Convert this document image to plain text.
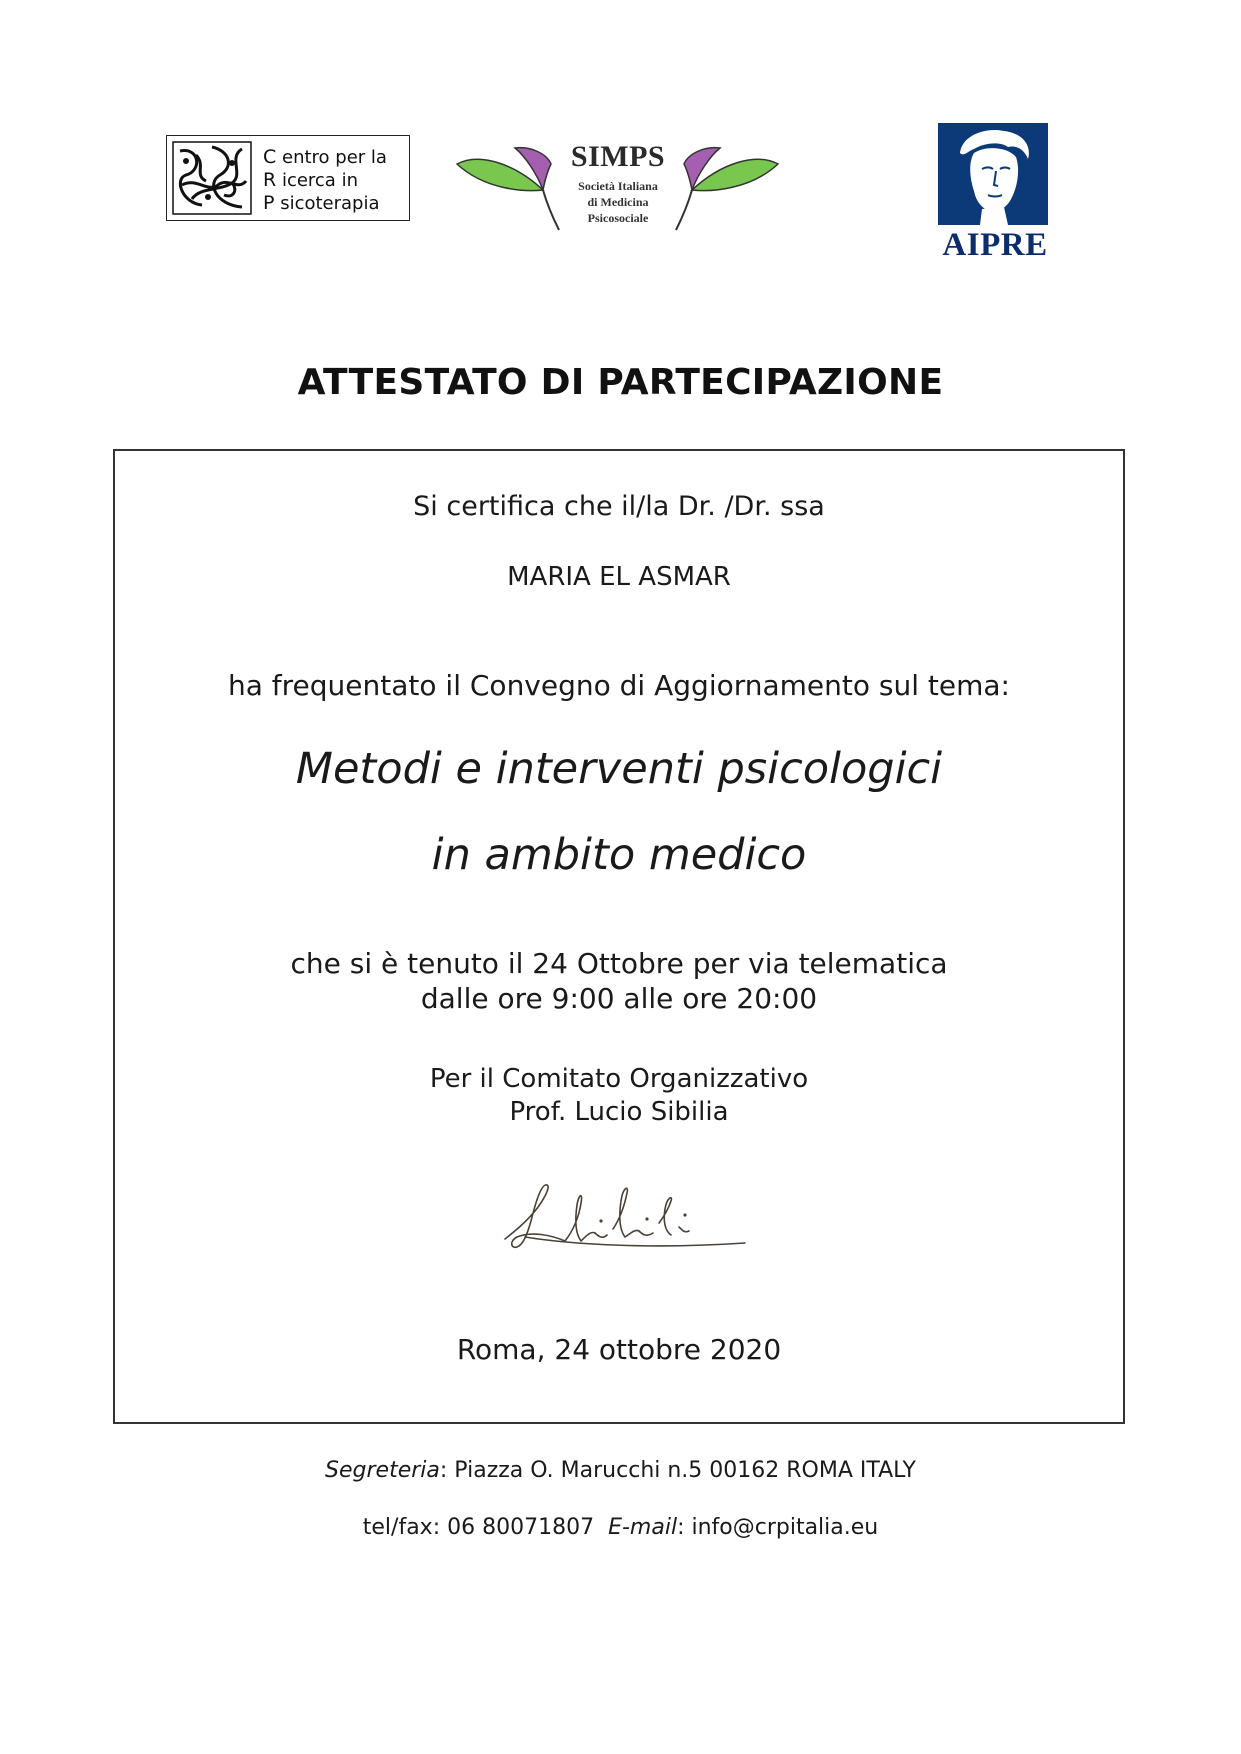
C entro per la
R icerca in
P sicoterapia
SIMPS
Società Italiana
di Medicina
Psicosociale
AIPRE
ATTESTATO DI PARTECIPAZIONE
Si certifica che il/la Dr. /Dr. ssa
MARIA EL ASMAR
ha frequentato il Convegno di Aggiornamento sul tema:
Metodi e interventi psicologici
in ambito medico
che si è tenuto il 24 Ottobre per via telematica
dalle ore 9:00 alle ore 20:00
Per il Comitato Organizzativo
Prof. Lucio Sibilia
Roma, 24 ottobre 2020
Segreteria: Piazza O. Marucchi n.5 00162 ROMA ITALY
tel/fax: 06 80071807 E-mail: info@crpitalia.eu
